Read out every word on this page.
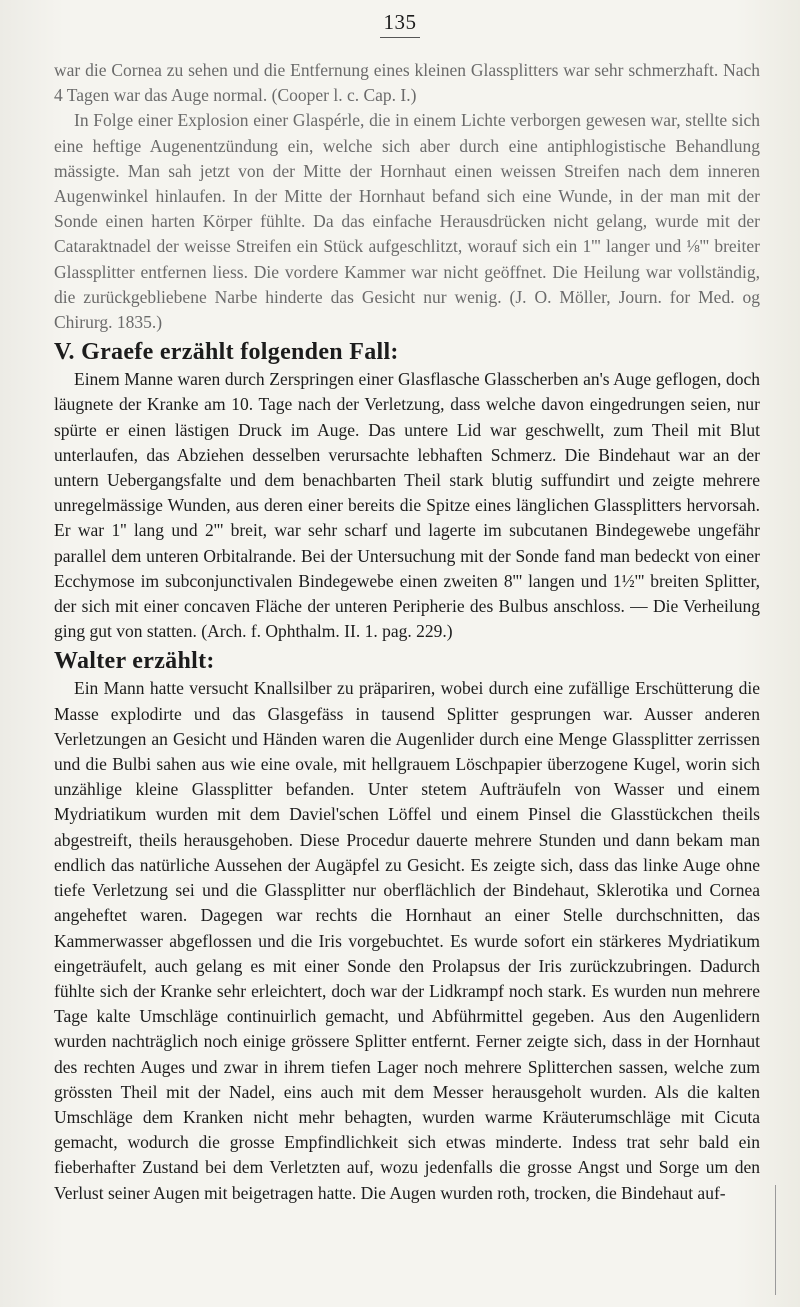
135

war die Cornea zu sehen und die Entfernung eines kleinen Glassplitters war sehr schmerzhaft. Nach 4 Tagen war das Auge normal. (Cooper l. c. Cap. I.)

In Folge einer Explosion einer Glaspérle, die in einem Lichte verborgen gewesen war, stellte sich eine heftige Augenentzündung ein, welche sich aber durch eine antiphlogistische Behandlung mässigte. Man sah jetzt von der Mitte der Hornhaut einen weissen Streifen nach dem inneren Augenwinkel hinlaufen. In der Mitte der Hornhaut befand sich eine Wunde, in der man mit der Sonde einen harten Körper fühlte. Da das einfache Herausdrücken nicht gelang, wurde mit der Cataraktnadel der weisse Streifen ein Stück aufgeschlitzt, worauf sich ein 1''' langer und ⅛''' breiter Glassplitter entfernen liess. Die vordere Kammer war nicht geöffnet. Die Heilung war vollständig, die zurückgebliebene Narbe hinderte das Gesicht nur wenig. (J. O. Möller, Journ. for Med. og Chirurg. 1835.)

V. Graefe erzählt folgenden Fall:

Einem Manne waren durch Zerspringen einer Glasflasche Glasscherben an's Auge geflogen, doch läugnete der Kranke am 10. Tage nach der Verletzung, dass welche davon eingedrungen seien, nur spürte er einen lästigen Druck im Auge. Das untere Lid war geschwellt, zum Theil mit Blut unterlaufen, das Abziehen desselben verursachte lebhaften Schmerz. Die Bindehaut war an der untern Uebergangsfalte und dem benachbarten Theil stark blutig suffundirt und zeigte mehrere unregelmässige Wunden, aus deren einer bereits die Spitze eines länglichen Glassplitters hervorsah. Er war 1'' lang und 2''' breit, war sehr scharf und lagerte im subcutanen Bindegewebe ungefähr parallel dem unteren Orbitalrande. Bei der Untersuchung mit der Sonde fand man bedeckt von einer Ecchymose im subconjunctivalen Bindegewebe einen zweiten 8''' langen und 1½''' breiten Splitter, der sich mit einer concaven Fläche der unteren Peripherie des Bulbus anschloss. — Die Verheilung ging gut von statten. (Arch. f. Ophthalm. II. 1. pag. 229.)

Walter erzählt:

Ein Mann hatte versucht Knallsilber zu präpariren, wobei durch eine zufällige Erschütterung die Masse explodirte und das Glasgefäss in tausend Splitter gesprungen war. Ausser anderen Verletzungen an Gesicht und Händen waren die Augenlider durch eine Menge Glassplitter zerrissen und die Bulbi sahen aus wie eine ovale, mit hellgrauem Löschpapier überzogene Kugel, worin sich unzählige kleine Glassplitter befanden. Unter stetem Aufträufeln von Wasser und einem Mydriatikum wurden mit dem Daviel'schen Löffel und einem Pinsel die Glasstückchen theils abgestreift, theils herausgehoben. Diese Procedur dauerte mehrere Stunden und dann bekam man endlich das natürliche Aussehen der Augäpfel zu Gesicht. Es zeigte sich, dass das linke Auge ohne tiefe Verletzung sei und die Glassplitter nur oberflächlich der Bindehaut, Sklerotika und Cornea angeheftet waren. Dagegen war rechts die Hornhaut an einer Stelle durchschnitten, das Kammerwasser abgeflossen und die Iris vorgebuchtet. Es wurde sofort ein stärkeres Mydriatikum eingeträufelt, auch gelang es mit einer Sonde den Prolapsus der Iris zurückzubringen. Dadurch fühlte sich der Kranke sehr erleichtert, doch war der Lidkrampf noch stark. Es wurden nun mehrere Tage kalte Umschläge continuirlich gemacht, und Abführmittel gegeben. Aus den Augenlidern wurden nachträglich noch einige grössere Splitter entfernt. Ferner zeigte sich, dass in der Hornhaut des rechten Auges und zwar in ihrem tiefen Lager noch mehrere Splitterchen sassen, welche zum grössten Theil mit der Nadel, eins auch mit dem Messer herausgeholt wurden. Als die kalten Umschläge dem Kranken nicht mehr behagten, wurden warme Kräuterumschläge mit Cicuta gemacht, wodurch die grosse Empfindlichkeit sich etwas minderte. Indess trat sehr bald ein fieberhafter Zustand bei dem Verletzten auf, wozu jedenfalls die grosse Angst und Sorge um den Verlust seiner Augen mit beigetragen hatte. Die Augen wurden roth, trocken, die Bindehaut auf-
